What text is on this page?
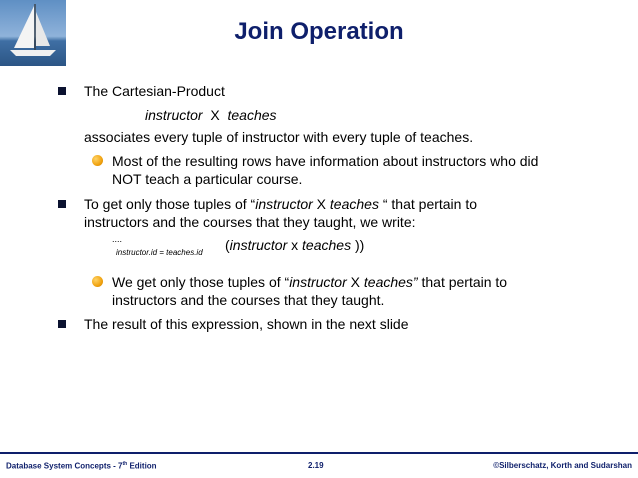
Join Operation
The Cartesian-Product
instructor X teaches
associates every tuple of instructor with every tuple of teaches.
Most of the resulting rows have information about instructors who did
NOT teach a particular course.
To get only those tuples of “instructor X teaches “ that pertain to
instructors and the courses that they taught, we write:
....
instructor.id = teaches.id (instructor x teaches ))
We get only those tuples of “instructor X teaches” that pertain to
instructors and the courses that they taught.
The result of this expression, shown in the next slide
Database System Concepts - 7th Edition	2.19	©Silberschatz, Korth and Sudarshan
